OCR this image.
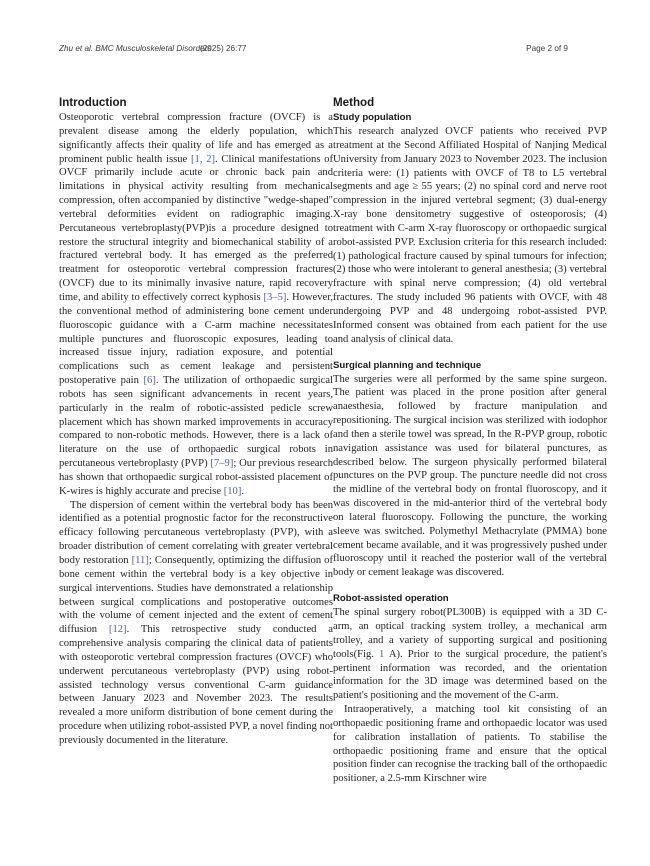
Zhu et al. BMC Musculoskeletal Disorders
(2025) 26:77	Page 2 of 9
Introduction

Osteoporotic vertebral compression fracture (OVCF) is a prevalent disease among the elderly population, which significantly affects their quality of life and has emerged as a prominent public health issue [1, 2]. Clinical manifestations of OVCF primarily include acute or chronic back pain and limitations in physical activity resulting from mechanical compression, often accompanied by distinctive "wedge-shaped" vertebral deformities evident on radiographic imaging. Percutaneous vertebroplasty(PVP)is a procedure designed to restore the structural integrity and biomechanical stability of a fractured vertebral body. It has emerged as the preferred treatment for osteoporotic vertebral compression fractures (OVCF) due to its minimally invasive nature, rapid recovery time, and ability to effectively correct kyphosis [3–5]. However, the conventional method of administering bone cement under fluoroscopic guidance with a C-arm machine necessitates multiple punctures and fluoroscopic exposures, leading to increased tissue injury, radiation exposure, and potential complications such as cement leakage and persistent postoperative pain [6]. The utilization of orthopaedic surgical robots has seen significant advancements in recent years, particularly in the realm of robotic-assisted pedicle screw placement which has shown marked improvements in accuracy compared to non-robotic methods. However, there is a lack of literature on the use of orthopaedic surgical robots in percutaneous vertebroplasty (PVP) [7–9]; Our previous research has shown that orthopaedic surgical robot-assisted placement of K-wires is highly accurate and precise [10].

The dispersion of cement within the vertebral body has been identified as a potential prognostic factor for the reconstructive efficacy following percutaneous vertebroplasty (PVP), with a broader distribution of cement correlating with greater vertebral body restoration [11]; Consequently, optimizing the diffusion of bone cement within the vertebral body is a key objective in surgical interventions. Studies have demonstrated a relationship between surgical complications and postoperative outcomes with the volume of cement injected and the extent of cement diffusion [12]. This retrospective study conducted a comprehensive analysis comparing the clinical data of patients with osteoporotic vertebral compression fractures (OVCF) who underwent percutaneous vertebroplasty (PVP) using robot-assisted technology versus conventional C-arm guidance between January 2023 and November 2023. The results revealed a more uniform distribution of bone cement during the procedure when utilizing robot-assisted PVP, a novel finding not previously documented in the literature.

Method
Study population

This research analyzed OVCF patients who received PVP treatment at the Second Affiliated Hospital of Nanjing Medical University from January 2023 to November 2023. The inclusion criteria were: (1) patients with OVCF of T8 to L5 vertebral segments and age ≥ 55 years; (2) no spinal cord and nerve root compression in the injured vertebral segment; (3) dual-energy X-ray bone densitometry suggestive of osteoporosis; (4) treatment with C-arm X-ray fluoroscopy or orthopaedic surgical robot-assisted PVP. Exclusion criteria for this research included: (1) pathological fracture caused by spinal tumours for infection; (2) those who were intolerant to general anesthesia; (3) vertebral fracture with spinal nerve compression; (4) old vertebral fractures. The study included 96 patients with OVCF, with 48 undergoing PVP and 48 undergoing robot-assisted PVP. Informed consent was obtained from each patient for the use and analysis of clinical data.

Surgical planning and technique

The surgeries were all performed by the same spine surgeon. The patient was placed in the prone position after general anaesthesia, followed by fracture manipulation and repositioning. The surgical incision was sterilized with iodophor and then a sterile towel was spread, In the R-PVP group, robotic navigation assistance was used for bilateral punctures, as described below. The surgeon physically performed bilateral punctures on the PVP group. The puncture needle did not cross the midline of the vertebral body on frontal fluoroscopy, and it was discovered in the mid-anterior third of the vertebral body on lateral fluoroscopy. Following the puncture, the working sleeve was switched. Polymethyl Methacrylate (PMMA) bone cement became available, and it was progressively pushed under fluoroscopy until it reached the posterior wall of the vertebral body or cement leakage was discovered.

Robot-assisted operation

The spinal surgery robot(PL300B) is equipped with a 3D C-arm, an optical tracking system trolley, a mechanical arm trolley, and a variety of supporting surgical and positioning tools(Fig. 1 A). Prior to the surgical procedure, the patient's pertinent information was recorded, and the orientation information for the 3D image was determined based on the patient's positioning and the movement of the C-arm.

Intraoperatively, a matching tool kit consisting of an orthopaedic positioning frame and orthopaedic locator was used for calibration installation of patients. To stabilise the orthopaedic positioning frame and ensure that the optical position finder can recognise the tracking ball of the orthopaedic positioner, a 2.5-mm Kirschner wire
